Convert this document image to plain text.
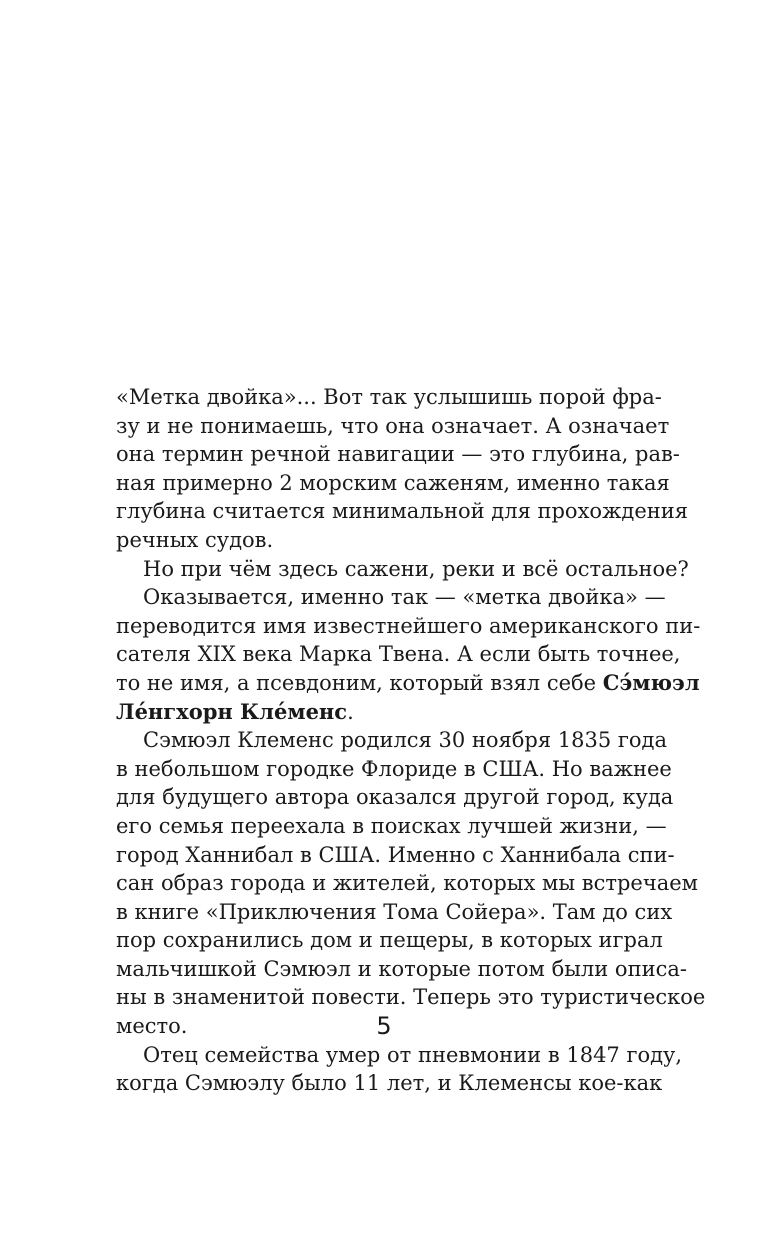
«Метка двойка»... Вот так услышишь порой фра-
зу и не понимаешь, что она означает. А означает
она термин речной навигации — это глубина, рав-
ная примерно 2 морским саженям, именно такая
глубина считается минимальной для прохождения
речных судов.
Но при чём здесь сажени, реки и всё остальное?
Оказывается, именно так — «метка двойка» —
переводится имя известнейшего американского пи-
сателя XIX века Марка Твена. А если быть точнее,
то не имя, а псевдоним, который взял себе Сэ́мюэл
Ле́нгхорн Кле́менс.
Сэмюэл Клеменс родился 30 ноября 1835 года
в небольшом городке Флориде в США. Но важнее
для будущего автора оказался другой город, куда
его семья переехала в поисках лучшей жизни, —
город Ханнибал в США. Именно с Ханнибала спи-
сан образ города и жителей, которых мы встречаем
в книге «Приключения Тома Сойера». Там до сих
пор сохранились дом и пещеры, в которых играл
мальчишкой Сэмюэл и которые потом были описа-
ны в знаменитой повести. Теперь это туристическое
место.
Отец семейства умер от пневмонии в 1847 году,
когда Сэмюэлу было 11 лет, и Клеменсы кое-как
5
